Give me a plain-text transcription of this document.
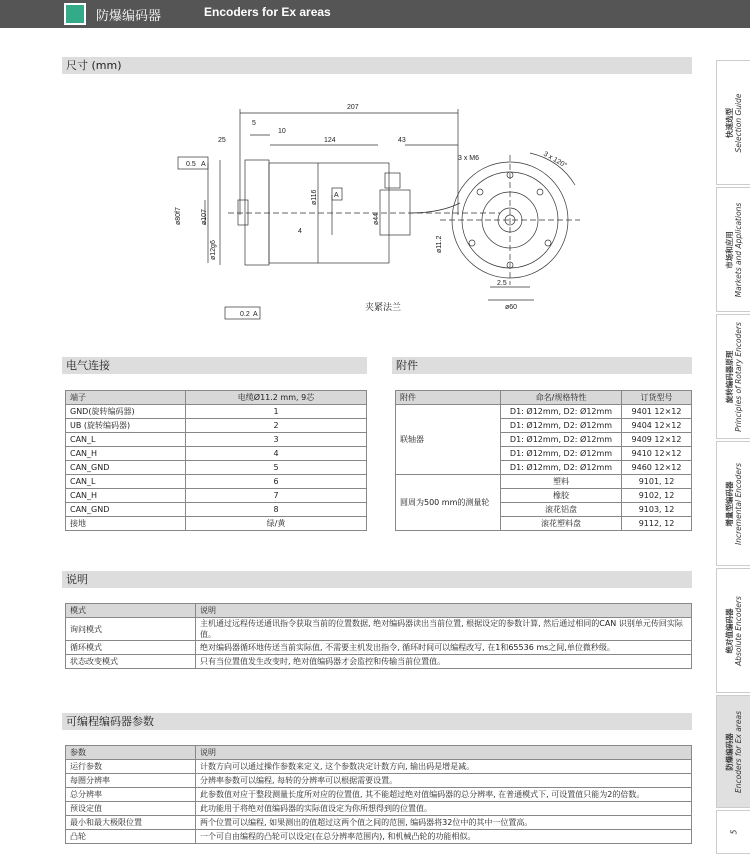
防爆编码器	Encoders for Ex areas
尺寸 (mm)
207
25
5
10
124	43
0.5 A
0.2 A
A
ø80f7	ø107
ø12g6
ø116
ø44
ø11.2
4
3 x M6	3 x 120°
2.5
ø60
夹紧法兰
电气连接	附件
端子	电缆Ø11.2 mm, 9芯
GND(旋转编码器)	1
UB (旋转编码器)	2
CAN_L	3
CAN_H	4
CAN_GND	5
CAN_L	6
CAN_H	7
CAN_GND	8
接地	绿/黄
附件	命名/规格特性	订货型号
联轴器	D1: Ø12mm, D2: Ø12mm	9401 12×12
	D1: Ø12mm, D2: Ø12mm	9404 12×12
	D1: Ø12mm, D2: Ø12mm	9409 12×12
	D1: Ø12mm, D2: Ø12mm	9410 12×12
	D1: Ø12mm, D2: Ø12mm	9460 12×12
圆周为500 mm的测量轮	塑料	9101, 12
	橡胶	9102, 12
	滚花铝盘	9103, 12
	滚花塑料盘	9112, 12
说明
模式	说明
询问模式	主机通过远程传送通讯指令获取当前的位置数据, 绝对编码器读出当前位置, 根据设定的参数计算, 然后通过相同的CAN 识别单元传回实际值。
循环模式	绝对编码器循环地传送当前实际值, 不需要主机发出指令, 循环时间可以编程改写, 在1和65536 ms之间,单位微秒级。
状态改变模式	只有当位置值发生改变时, 绝对值编码器才会监控和传输当前位置值。
可编程编码器参数
参数	说明
运行参数	计数方向可以通过操作参数来定义, 这个参数决定计数方向, 输出码是增是减。
每圈分辨率	分辨率参数可以编程, 每转的分辨率可以根据需要设置。
总分辨率	此参数值对应于整段测量长度所对应的位置值, 其不能超过绝对值编码器的总分辨率, 在普通模式下, 可设置值只能为2的倍数。
预设定值	此功能用于将绝对值编码器的实际值设定为你所想得到的位置值。
最小和最大极限位置	两个位置可以编程, 如果测出的值超过这两个值之间的范围, 编码器将32位中的其中一位置高。
凸轮	一个可自由编程的凸轮可以设定(在总分辨率范围内), 和机械凸轮的功能相似。
快速选型
Selection Guide
市场和应用
Markets and Applications
旋转编码器原理
Principles of Rotary Encoders
增量型编码器
Incremental Encoders
绝对值编码器
Absolute Encoders
防爆编码器
Encoders for Ex areas
5
